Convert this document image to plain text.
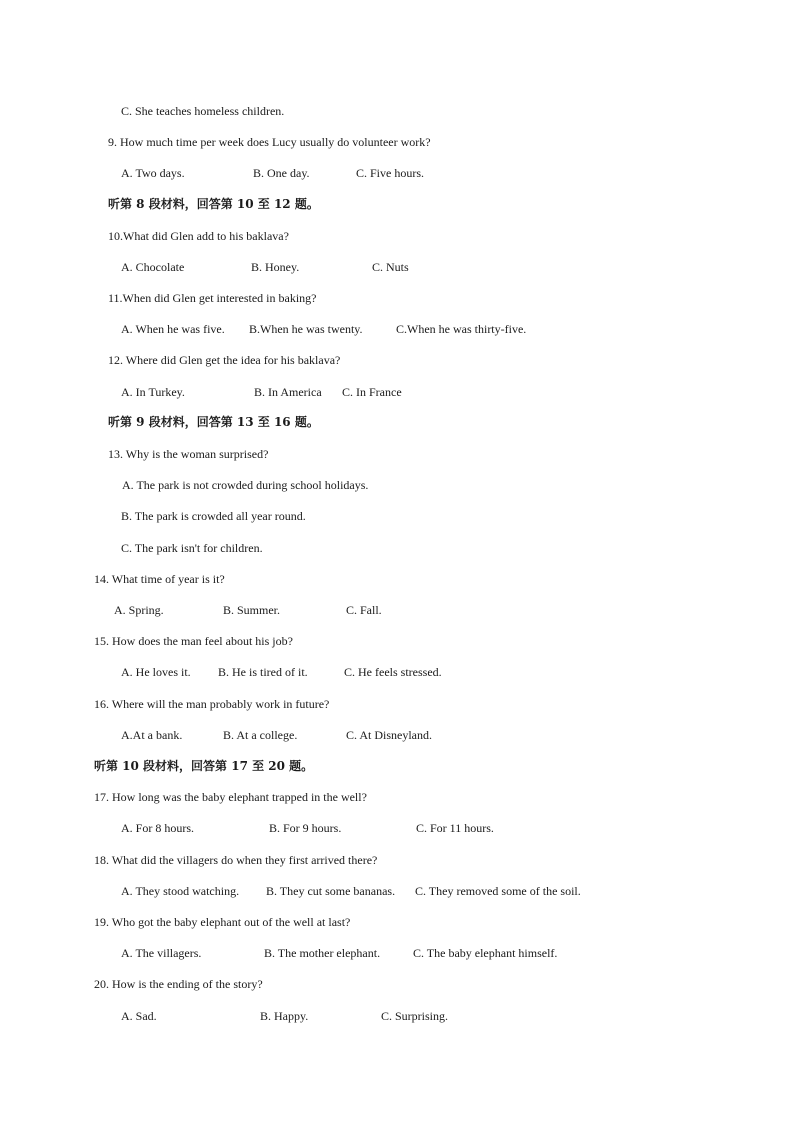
C. She teaches homeless children.
9. How much time per week does Lucy usually do volunteer work?
A. Two days.	B. One day.	C. Five hours.
听第 8 段材料，回答第 10 至 12 题。
10.What did Glen add to his baklava?
A. Chocolate	B. Honey.	C. Nuts
11.When did Glen get interested in baking?
A. When he was five. B.When he was twenty.	C.When he was thirty-five.
12. Where did Glen get the idea for his baklava?
A. In Turkey.	B. In America C. In France
听第 9 段材料，回答第 13 至 16 题。
13. Why is the woman surprised?
A. The park is not crowded during school holidays.
B. The park is crowded all year round.
C. The park isn't for children.
14. What time of year is it?
A. Spring.	B. Summer.	C. Fall.
15. How does the man feel about his job?
A. He loves it. B. He is tired of it.	C. He feels stressed.
16. Where will the man probably work in future?
A.At a bank.	B. At a college.	C. At Disneyland.
听第 10 段材料，回答第 17 至 20 题。
17. How long was the baby elephant trapped in the well?
A. For 8 hours.	B. For 9 hours.	C. For 11 hours.
18. What did the villagers do when they first arrived there?
A. They stood watching. B. They cut some bananas. C. They removed some of the soil.
19. Who got the baby elephant out of the well at last?
A. The villagers.	B. The mother elephant.	C. The baby elephant himself.
20. How is the ending of the story?
A. Sad.	B. Happy.	C. Surprising.
